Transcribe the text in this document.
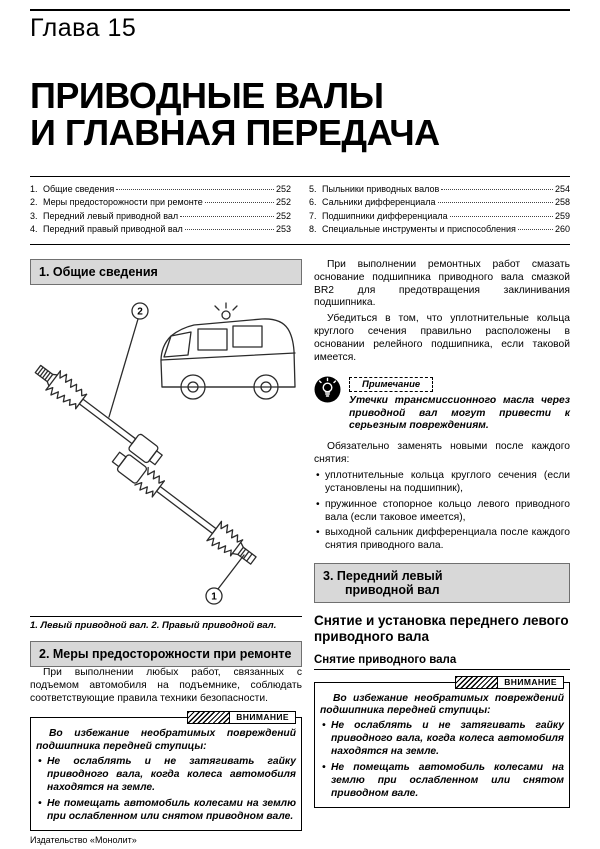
Глава 15
ПРИВОДНЫЕ ВАЛЫ
И ГЛАВНАЯ ПЕРЕДАЧА
1. Общие сведения	252
2. Меры предосторожности при ремонте	252
3. Передний левый приводной вал	252
4. Передний правый приводной вал	253
5. Пыльники приводных валов	254
6. Сальники дифференциала	258
7. Подшипники дифференциала	259
8. Специальные инструменты и приспособления	260
1. Общие сведения
2
1
1. Левый приводной вал. 2. Правый приводной вал.
2. Меры предосторожности при ремонте

При выполнении любых работ, связанных с подъемом автомобиля на подъемнике, соблюдать соответствующие правила техники безопасности.

ВНИМАНИЕ

Во избежание необратимых повреждений подшипника передней ступицы:

• Не ослаблять и не затягивать гайку приводного вала, когда колеса автомобиля находятся на земле.
• Не помещать автомобиль колесами на землю при ослабленном или снятом приводном вале.

При выполнении ремонтных работ смазать основание подшипника приводного вала смазкой BR2 для предотвращения заклинивания подшипника.

Убедиться в том, что уплотнительные кольца круглого сечения правильно расположены в основании релейного подшипника, если таковой имеется.

Примечание
Утечки трансмиссионного масла через приводной вал могут привести к серьезным повреждениям.

Обязательно заменять новыми после каждого снятия:

• уплотнительные кольца круглого сечения (если установлены на подшипник),
• пружинное стопорное кольцо левого приводного вала (если таковое имеется),
• выходной сальник дифференциала после каждого снятия приводного вала.
3. Передний левый приводной вал
Снятие и установка переднего левого приводного вала
Снятие приводного вала
ВНИМАНИЕ

Во избежание необратимых повреждений подшипника передней ступицы:

• Не ослаблять и не затягивать гайку приводного вала, когда колеса автомобиля находятся на земле.
• Не помещать автомобиль колесами на землю при ослабленном или снятом приводном вале.
Издательство «Монолит»
